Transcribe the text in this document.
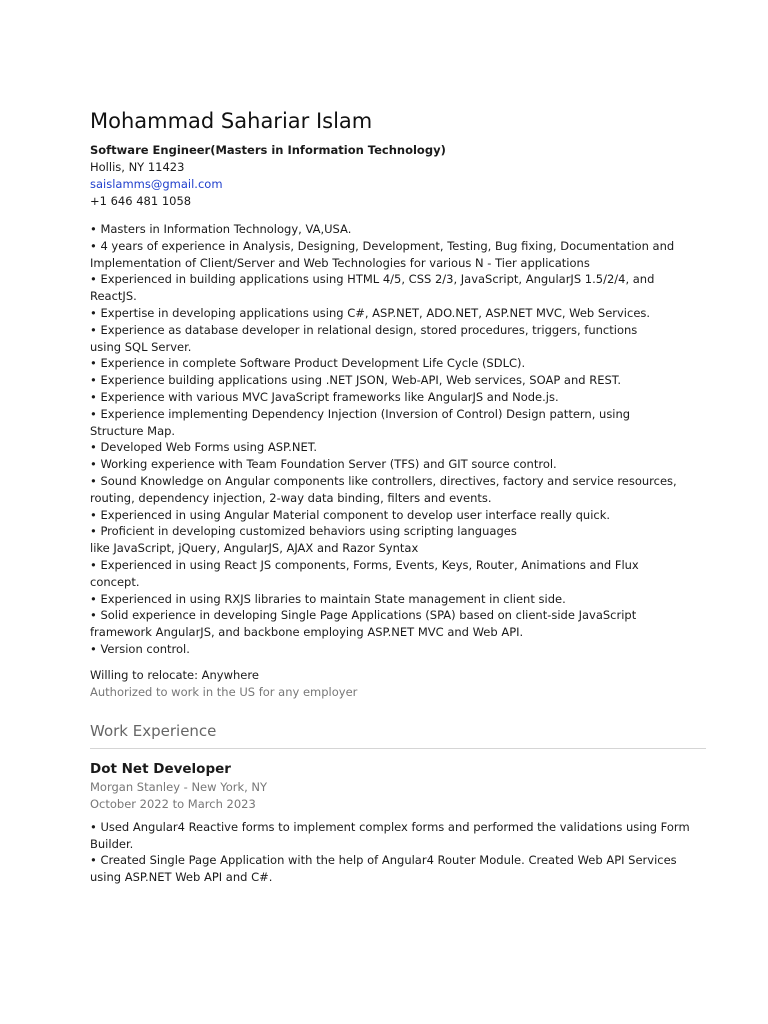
Mohammad Sahariar Islam
Software Engineer(Masters in Information Technology)
Hollis, NY 11423
saislamms@gmail.com
+1 646 481 1058
• Masters in Information Technology, VA,USA.
• 4 years of experience in Analysis, Designing, Development, Testing, Bug fixing, Documentation and
Implementation of Client/Server and Web Technologies for various N - Tier applications
• Experienced in building applications using HTML 4/5, CSS 2/3, JavaScript, AngularJS 1.5/2/4, and
ReactJS.
• Expertise in developing applications using C#, ASP.NET, ADO.NET, ASP.NET MVC, Web Services.
• Experience as database developer in relational design, stored procedures, triggers, functions
using SQL Server.
• Experience in complete Software Product Development Life Cycle (SDLC).
• Experience building applications using .NET JSON, Web-API, Web services, SOAP and REST.
• Experience with various MVC JavaScript frameworks like AngularJS and Node.js.
• Experience implementing Dependency Injection (Inversion of Control) Design pattern, using
Structure Map.
• Developed Web Forms using ASP.NET.
• Working experience with Team Foundation Server (TFS) and GIT source control.
• Sound Knowledge on Angular components like controllers, directives, factory and service resources,
routing, dependency injection, 2-way data binding, filters and events.
• Experienced in using Angular Material component to develop user interface really quick.
• Proficient in developing customized behaviors using scripting languages
like JavaScript, jQuery, AngularJS, AJAX and Razor Syntax
• Experienced in using React JS components, Forms, Events, Keys, Router, Animations and Flux
concept.
• Experienced in using RXJS libraries to maintain State management in client side.
• Solid experience in developing Single Page Applications (SPA) based on client-side JavaScript
framework AngularJS, and backbone employing ASP.NET MVC and Web API.
• Version control.
Willing to relocate: Anywhere
Authorized to work in the US for any employer
Work Experience
Dot Net Developer
Morgan Stanley - New York, NY
October 2022 to March 2023
• Used Angular4 Reactive forms to implement complex forms and performed the validations using Form
Builder.
• Created Single Page Application with the help of Angular4 Router Module. Created Web API Services
using ASP.NET Web API and C#.
